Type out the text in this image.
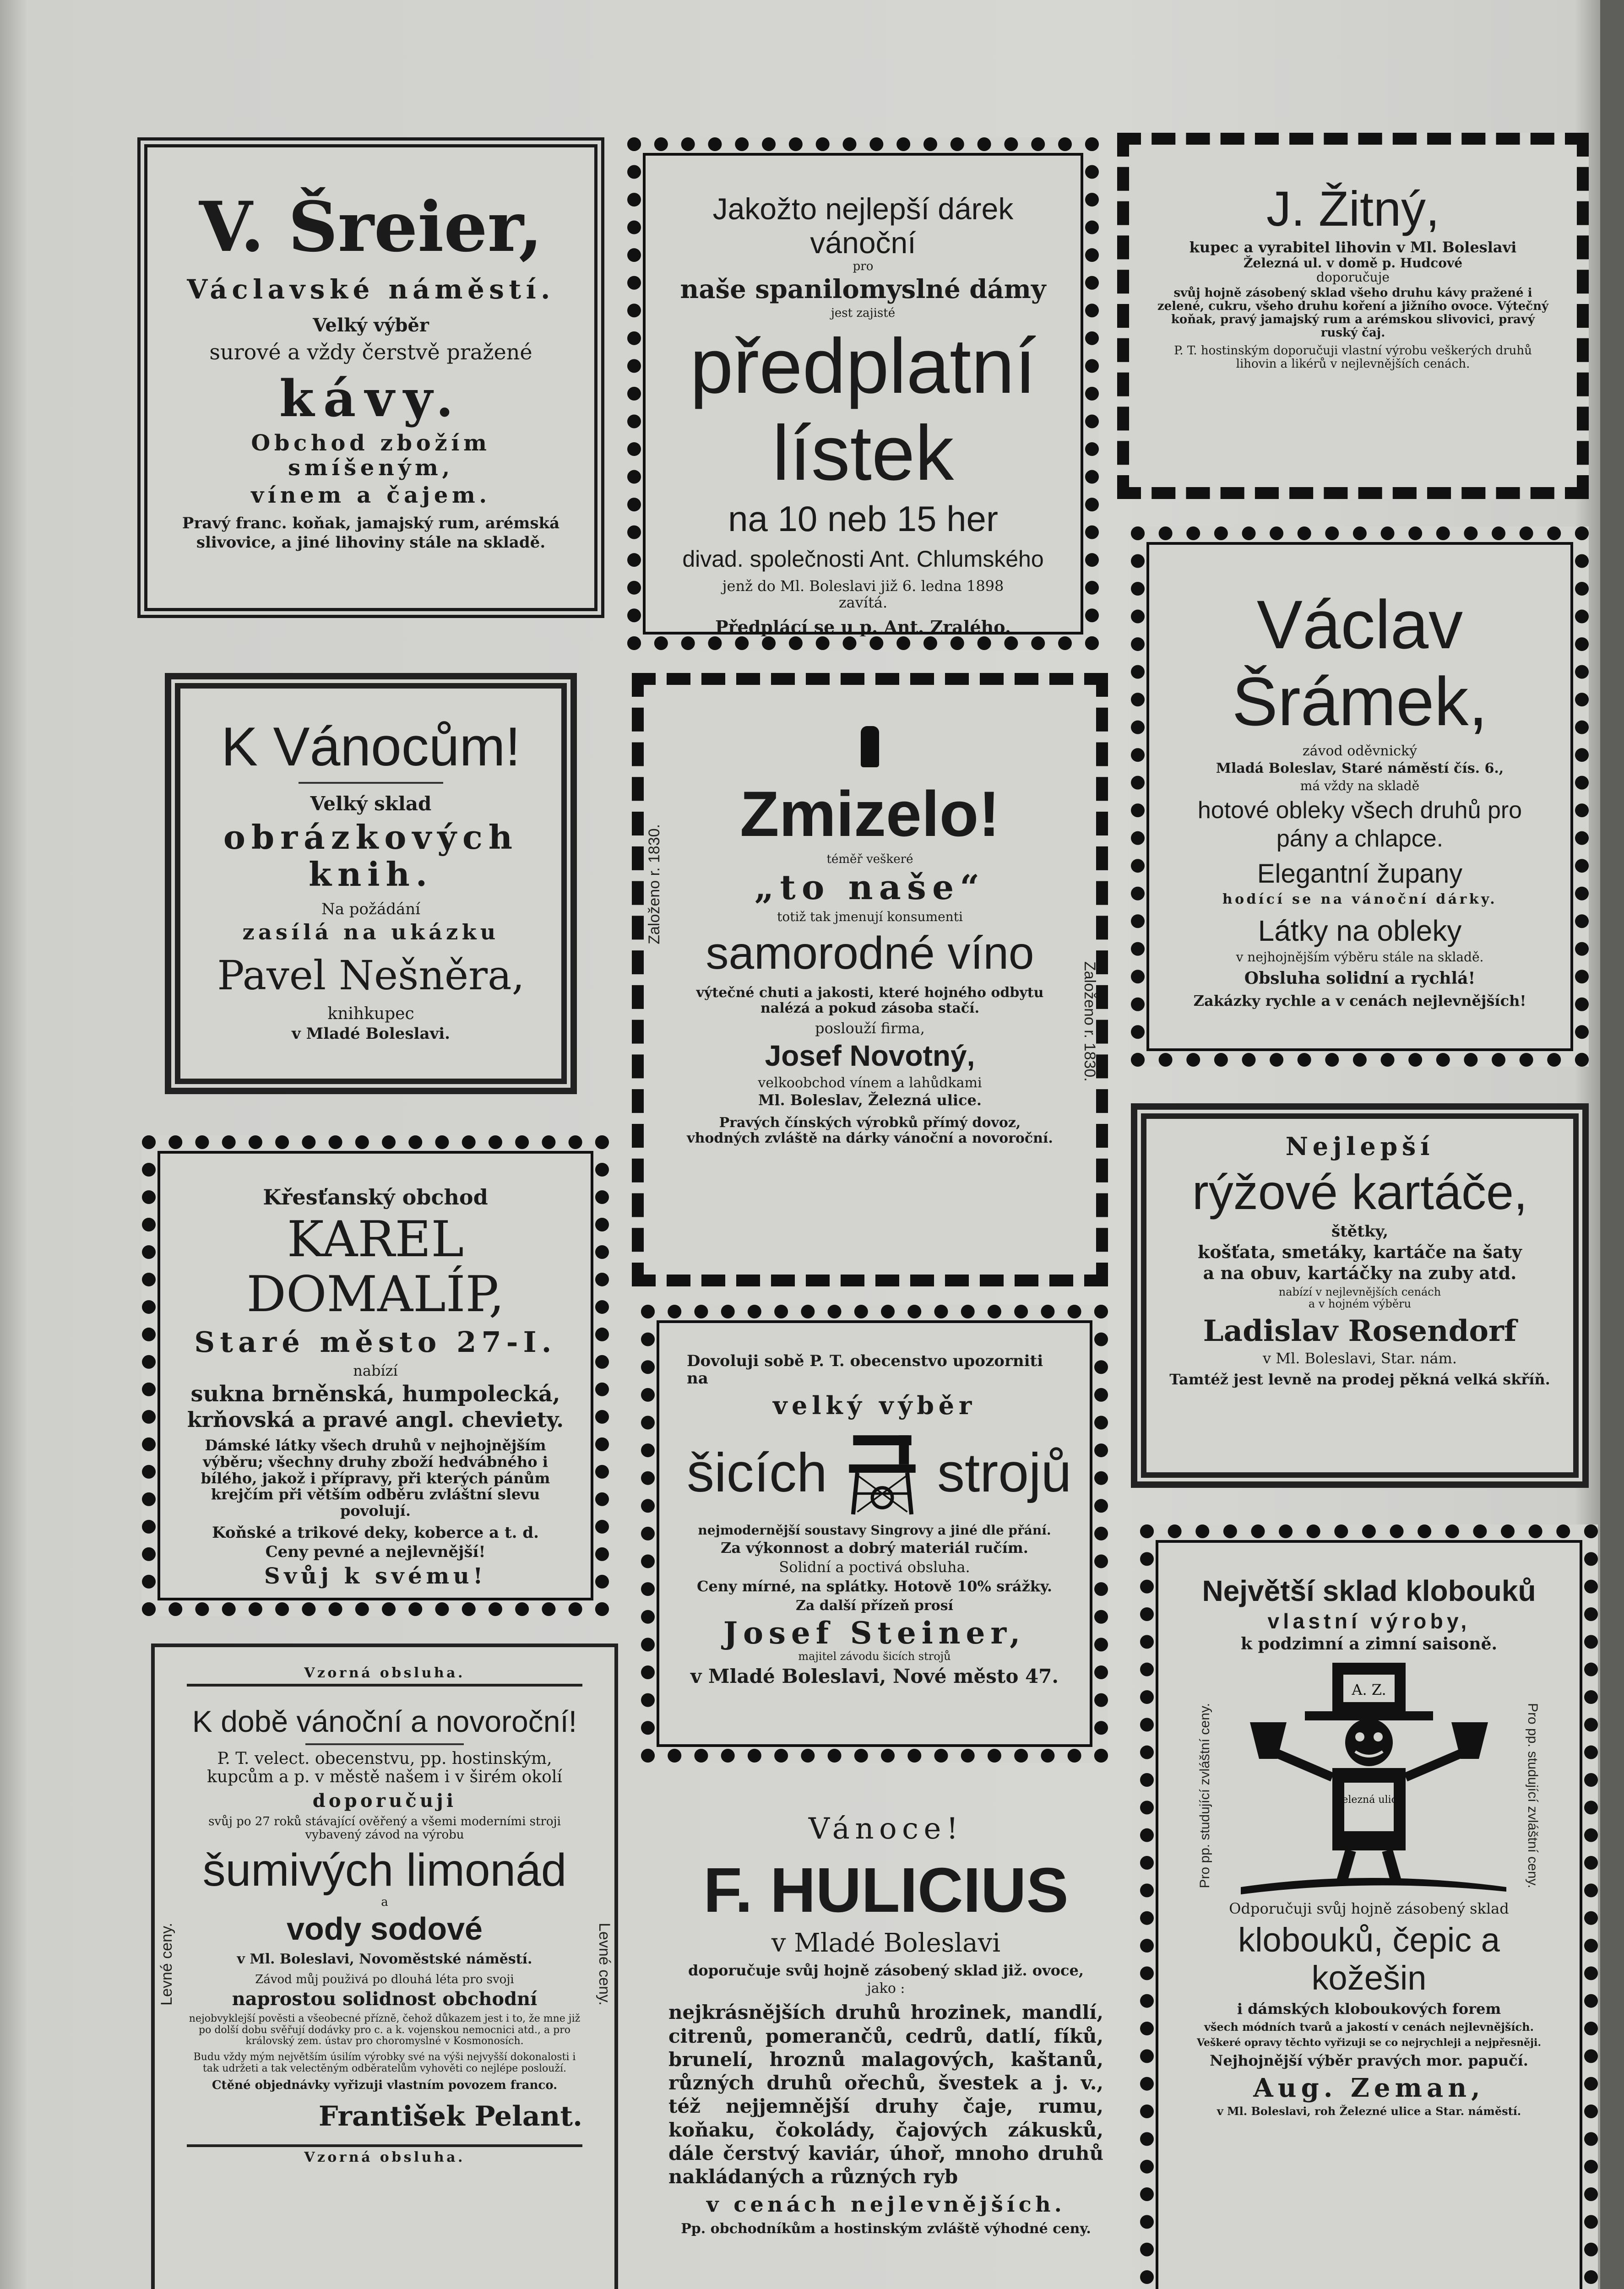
V. Šreier,

Václavské náměstí.

Velký výběr

surové a vždy čerstvě pražené

kávy.

Obchod zbožím smíšeným,

vínem a čajem.

Pravý franc. koňak, jamajský rum, arémská

slivovice, a jiné lihoviny stále na skladě.

K Vánocům!

Velký sklad

obrázkových knih.

Na požádání

zasílá na ukázku

Pavel Nešněra,

knihkupec

v Mladé Boleslavi.

Křesťanský obchod

KAREL DOMALÍP,

Staré město 27-I.

nabízí

sukna brněnská, humpolecká,

krňovská a pravé angl. cheviety.

Dámské látky všech druhů v nejhojnějším výběru; všechny druhy zboží hedvábného i bílého, jakož i přípravy, při kterých pánům krejčím při větším odběru zvláštní slevu povolují.

Koňské a trikové deky, koberce a t. d.

Ceny pevné a nejlevnější!

Svůj k svému!

Vzorná obsluha.

K době vánoční a novoroční!

P. T. velect. obecenstvu, pp. hostinským, kupcům a p. v městě našem i v širém okolí

doporučuji

svůj po 27 roků stávající ověřený a všemi moderními stroji vybavený závod na výrobu

šumivých limonád

a

vody sodové

v Ml. Boleslavi, Novoměstské náměstí.

Závod můj použivá po dlouhá léta pro svoji

naprostou solidnost obchodní

nejobvyklejší pověsti a všeobecné přízně, čehož důkazem jest i to, že mne již po dolší dobu svěřují dodávky pro c. a k. vojenskou nemocnici atd., a pro královský zem. ústav pro choromyslné v Kosmonosích.

Budu vždy mým největším úsilím výrobky své na výši nejvyšší dokonalosti i tak udržeti a tak velectěným odběratelům vyhověti co nejlépe poslouží.

Ctěné objednávky vyřizuji vlastním povozem franco.

František Pelant.

Vzorná obsluha.

Levné ceny.	Levné ceny.

Jakožto nejlepší dárek vánoční

pro

naše spanilomyslné dámy

jest zajisté

předplatní lístek

na 10 neb 15 her

divad. společnosti Ant. Chlumského

jenž do Ml. Boleslavi již 6. ledna 1898

zavítá.

Předplácí se u p. Ant. Zralého.

Ceny vždy na nárožních návěštích.

Zmizelo!

téměř veškeré

„to naše“

totiž tak jmenují konsumenti

samorodné víno

výtečné chuti a jakosti, které hojného odbytu nalézá a pokud zásoba stačí.

poslouží firma,

Josef Novotný,

velkoobchod vínem a lahůdkami

Ml. Boleslav, Železná ulice.

Pravých čínských výrobků přímý dovoz, vhodných zvláště na dárky vánoční a novoroční.

Založeno r. 1830.
Založeno r. 1830.

Dovoluji sobě P. T. obecenstvo upozorniti na

velký výběr

šicích strojů

nejmodernější soustavy Singrovy a jiné dle přání.

Za výkonnost a dobrý materiál ručím.

Solidní a poctivá obsluha.

Ceny mírné, na splátky. Hotově 10% srážky.

Za další přízeň prosí

Josef Steiner,

majitel závodu šicích strojů

v Mladé Boleslavi, Nové město 47.

Vánoce!

F. HULICIUS

v Mladé Boleslavi

doporučuje svůj hojně zásobený sklad již. ovoce,

jako :

nejkrásnějších druhů hrozinek, mandlí, citrenů, pomerančů, cedrů, datlí, fíků, brunelí, hroznů malagových, kaštanů, různých druhů ořechů, švestek a j. v., též nejjemnější druhy čaje, rumu, koňaku, čokolády, čajových zákusků, dále čerstvý kaviár, úhoř, mnoho druhů nakládaných a různých ryb

v cenách nejlevnějších.

Pp. obchodníkům a hostinským zvláště výhodné ceny.

J. Žitný,

kupec a vyrabitel lihovin v Ml. Boleslavi

Železná ul. v domě p. Hudcové

doporučuje

svůj hojně zásobený sklad všeho druhu kávy pražené i zelené, cukru, všeho druhu koření a jižního ovoce. Výtečný koňak, pravý jamajský rum a arémskou slivovici, pravý ruský čaj.

P. T. hostinským doporučuji vlastní výrobu veškerých druhů lihovin a likérů v nejlevnějších cenách.

Václav Šrámek,

závod oděvnický

Mladá Boleslav, Staré náměstí čís. 6.,

má vždy na skladě

hotové obleky všech druhů pro

pány a chlapce.

Elegantní župany

hodící se na vánoční dárky.

Látky na obleky

v nejhojnějším výběru stále na skladě.

Obsluha solidní a rychlá!

Zakázky rychle a v cenách nejlevnějších!

Nejlepší

rýžové kartáče,

štětky,

košťata, smetáky, kartáče na šaty

a na obuv, kartáčky na zuby atd.

nabízí v nejlevnějších cenách

a v hojném výběru

Ladislav Rosendorf

v Ml. Boleslavi, Star. nám.

Tamtéž jest levně na prodej pěkná velká skříň.

Největší sklad klobouků

vlastní výroby,

k podzimní a zimní saisoně.

A. Z.
Železná ulice

Odporučuji svůj hojně zásobený sklad

klobouků, čepic a kožešin

i dámských kloboukových forem

všech módních tvarů a jakostí v cenách nejlevnějších.

Veškeré opravy těchto vyřizuji se co nejrychleji a nejpřesněji.

Nejhojnější výběr pravých mor. papučí.

Aug. Zeman,

v Ml. Boleslavi, roh Železné ulice a Star. náměstí.

Pro pp. studující zvláštní ceny.	Pro pp. studující zvláštní ceny.
